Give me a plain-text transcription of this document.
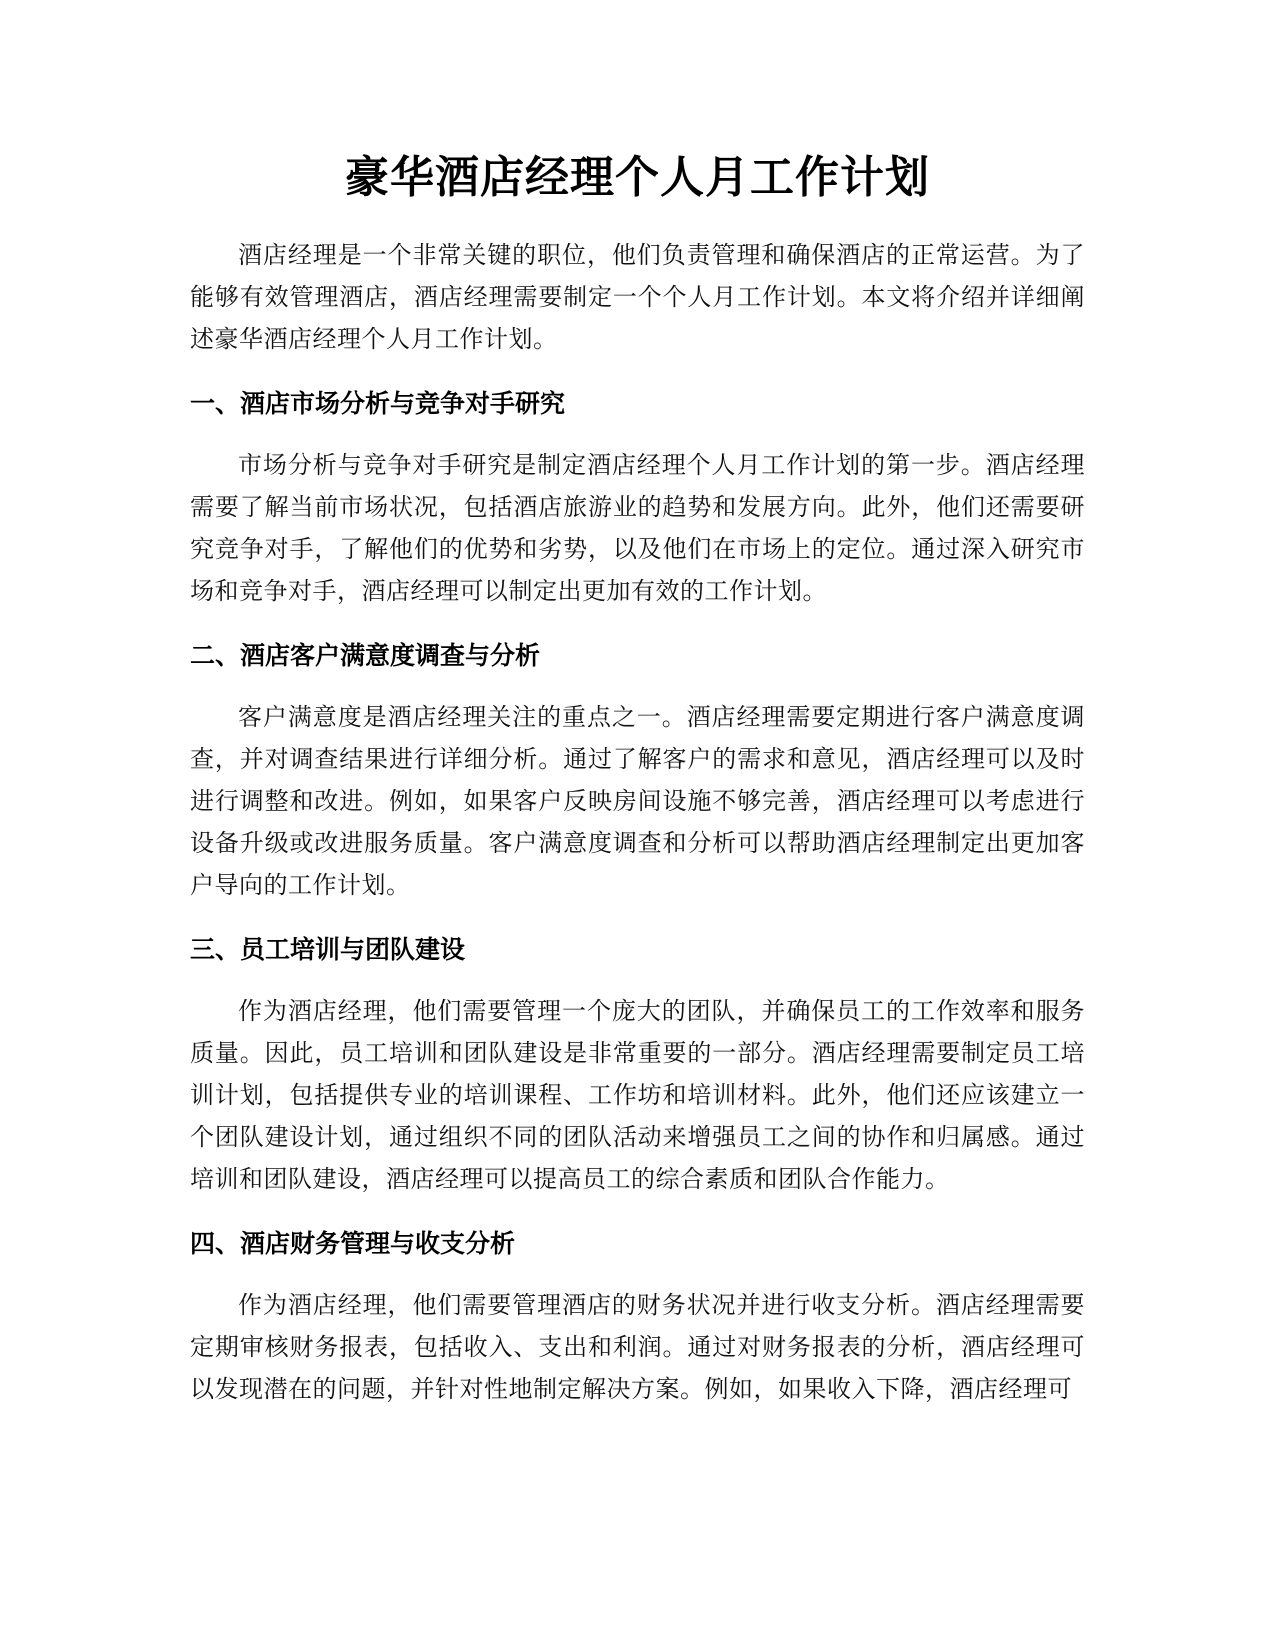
豪华酒店经理个人月工作计划

酒店经理是一个非常关键的职位，他们负责管理和确保酒店的正常运营。为了能够有效管理酒店，酒店经理需要制定一个个人月工作计划。本文将介绍并详细阐述豪华酒店经理个人月工作计划。

一、酒店市场分析与竞争对手研究

市场分析与竞争对手研究是制定酒店经理个人月工作计划的第一步。酒店经理需要了解当前市场状况，包括酒店旅游业的趋势和发展方向。此外，他们还需要研究竞争对手，了解他们的优势和劣势，以及他们在市场上的定位。通过深入研究市场和竞争对手，酒店经理可以制定出更加有效的工作计划。

二、酒店客户满意度调查与分析

客户满意度是酒店经理关注的重点之一。酒店经理需要定期进行客户满意度调查，并对调查结果进行详细分析。通过了解客户的需求和意见，酒店经理可以及时进行调整和改进。例如，如果客户反映房间设施不够完善，酒店经理可以考虑进行设备升级或改进服务质量。客户满意度调查和分析可以帮助酒店经理制定出更加客户导向的工作计划。

三、员工培训与团队建设

作为酒店经理，他们需要管理一个庞大的团队，并确保员工的工作效率和服务质量。因此，员工培训和团队建设是非常重要的一部分。酒店经理需要制定员工培训计划，包括提供专业的培训课程、工作坊和培训材料。此外，他们还应该建立一个团队建设计划，通过组织不同的团队活动来增强员工之间的协作和归属感。通过培训和团队建设，酒店经理可以提高员工的综合素质和团队合作能力。

四、酒店财务管理与收支分析

作为酒店经理，他们需要管理酒店的财务状况并进行收支分析。酒店经理需要定期审核财务报表，包括收入、支出和利润。通过对财务报表的分析，酒店经理可以发现潜在的问题，并针对性地制定解决方案。例如，如果收入下降，酒店经理可
